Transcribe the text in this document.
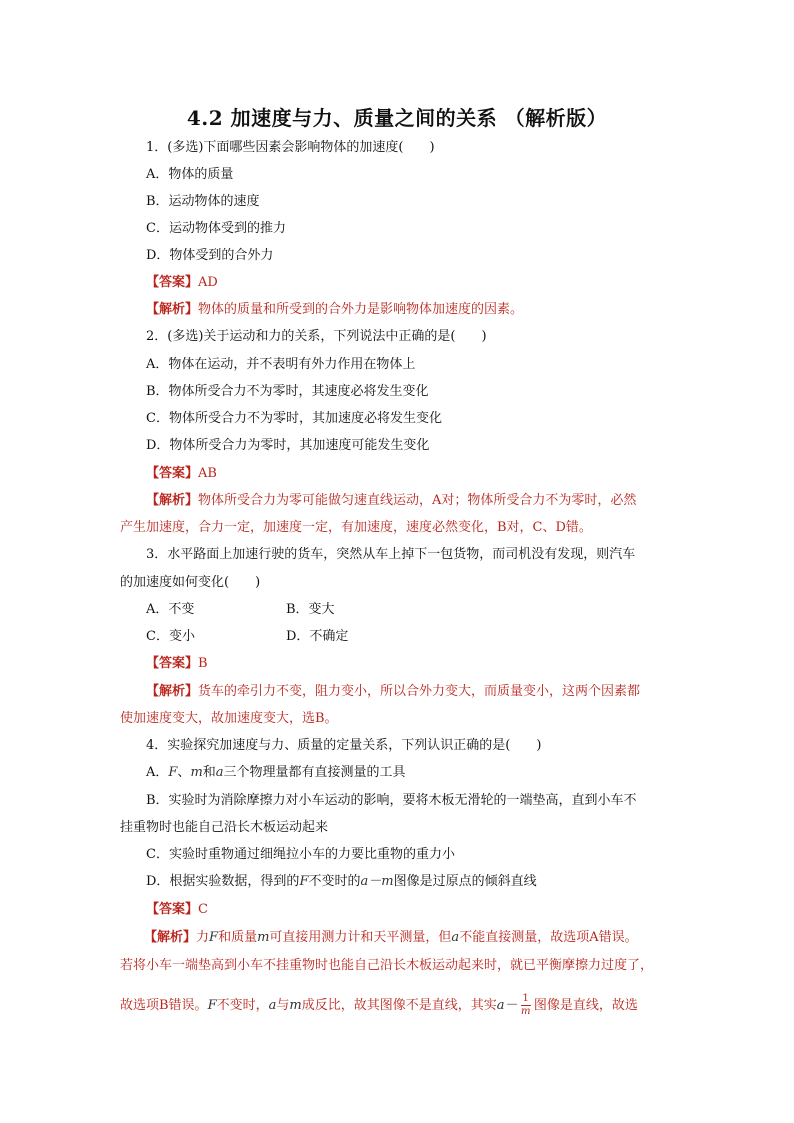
4.2 加速度与力、质量之间的关系 （解析版）
1．(多选)下面哪些因素会影响物体的加速度(　　)
A．物体的质量
B．运动物体的速度
C．运动物体受到的推力
D．物体受到的合外力
【答案】AD
【解析】物体的质量和所受到的合外力是影响物体加速度的因素。
2．(多选)关于运动和力的关系，下列说法中正确的是(　　)
A．物体在运动，并不表明有外力作用在物体上
B．物体所受合力不为零时，其速度必将发生变化
C．物体所受合力不为零时，其加速度必将发生变化
D．物体所受合力为零时，其加速度可能发生变化
【答案】AB
【解析】物体所受合力为零可能做匀速直线运动，A对；物体所受合力不为零时，必然
产生加速度，合力一定，加速度一定，有加速度，速度必然变化，B对，C、D错。
3．水平路面上加速行驶的货车，突然从车上掉下一包货物，而司机没有发现，则汽车
的加速度如何变化(　　)
A．不变	B．变大
C．变小	D．不确定
【答案】B
【解析】货车的牵引力不变，阻力变小，所以合外力变大，而质量变小，这两个因素都
使加速度变大，故加速度变大，选B。
4．实验探究加速度与力、质量的定量关系，下列认识正确的是(　　)
A．F、m和a三个物理量都有直接测量的工具
B．实验时为消除摩擦力对小车运动的影响，要将木板无滑轮的一端垫高，直到小车不
挂重物时也能自己沿长木板运动起来
C．实验时重物通过细绳拉小车的力要比重物的重力小
D．根据实验数据，得到的F不变时的a－m图像是过原点的倾斜直线
【答案】C
【解析】力F和质量m可直接用测力计和天平测量，但a不能直接测量，故选项A错误。
若将小车一端垫高到小车不挂重物时也能自己沿长木板运动起来时，就已平衡摩擦力过度了，
故选项B错误。F不变时，a与m成反比，故其图像不是直线，其实$a- \frac{1}{m}$ 图像是直线，故选
